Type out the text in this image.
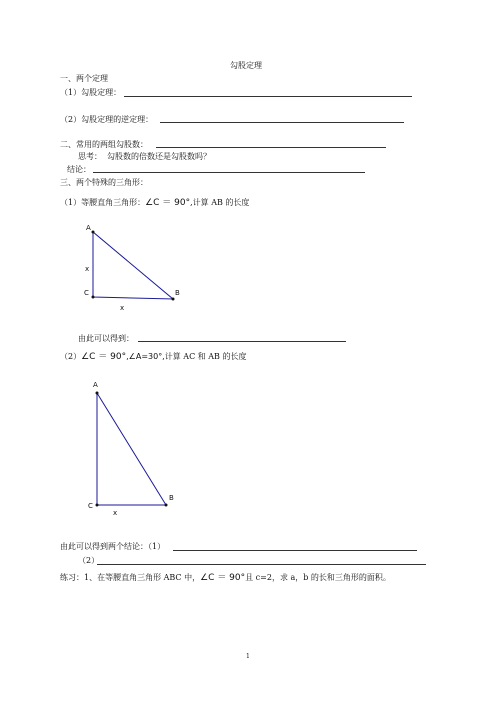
勾股定理
一、两个定理
（1）勾股定理：
（2）勾股定理的逆定理：
二、常用的两组勾股数：
思考： 勾股数的倍数还是勾股数吗？
结论：
三、两个特殊的三角形：
（1）等腰直角三角形：∠C ＝ 90°,计算 AB 的长度
A
C	B
x
x
A
C
B
x
由此可以得到：
（2）∠C ＝ 90°,∠A=30°,计算 AC 和 AB 的长度
由此可以得到两个结论：（1）
（2）
练习：1、在等腰直角三角形 ABC 中，∠C ＝ 90°且 c=2，求 a，b 的长和三角形的面积。
1
